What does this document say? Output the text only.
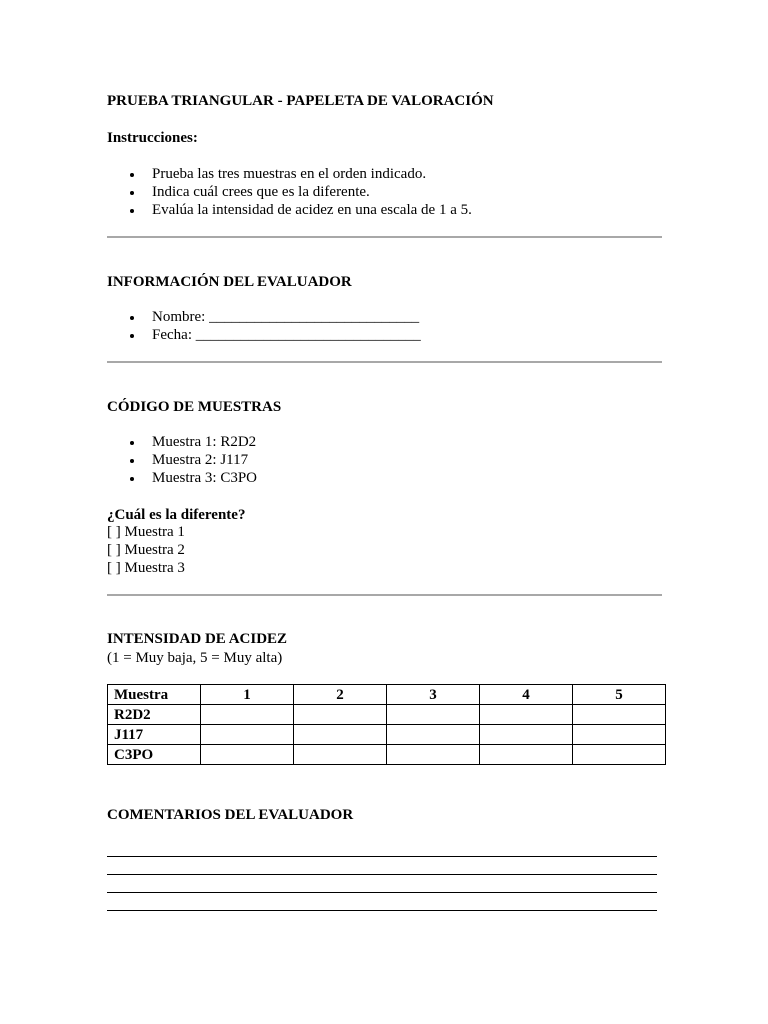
PRUEBA TRIANGULAR - PAPELETA DE VALORACIÓN

Instrucciones:

Prueba las tres muestras en el orden indicado.
Indica cuál crees que es la diferente.
Evalúa la intensidad de acidez en una escala de 1 a 5.

INFORMACIÓN DEL EVALUADOR

Nombre: ____________________________
Fecha: ______________________________

CÓDIGO DE MUESTRAS

Muestra 1: R2D2
Muestra 2: J117
Muestra 3: C3PO

¿Cuál es la diferente?

[ ] Muestra 1
[ ] Muestra 2
[ ] Muestra 3

INTENSIDAD DE ACIDEZ

(1 = Muy baja, 5 = Muy alta)

Muestra	1	2	3	4	5
R2D2					
J117					
C3PO					

COMENTARIOS DEL EVALUADOR
